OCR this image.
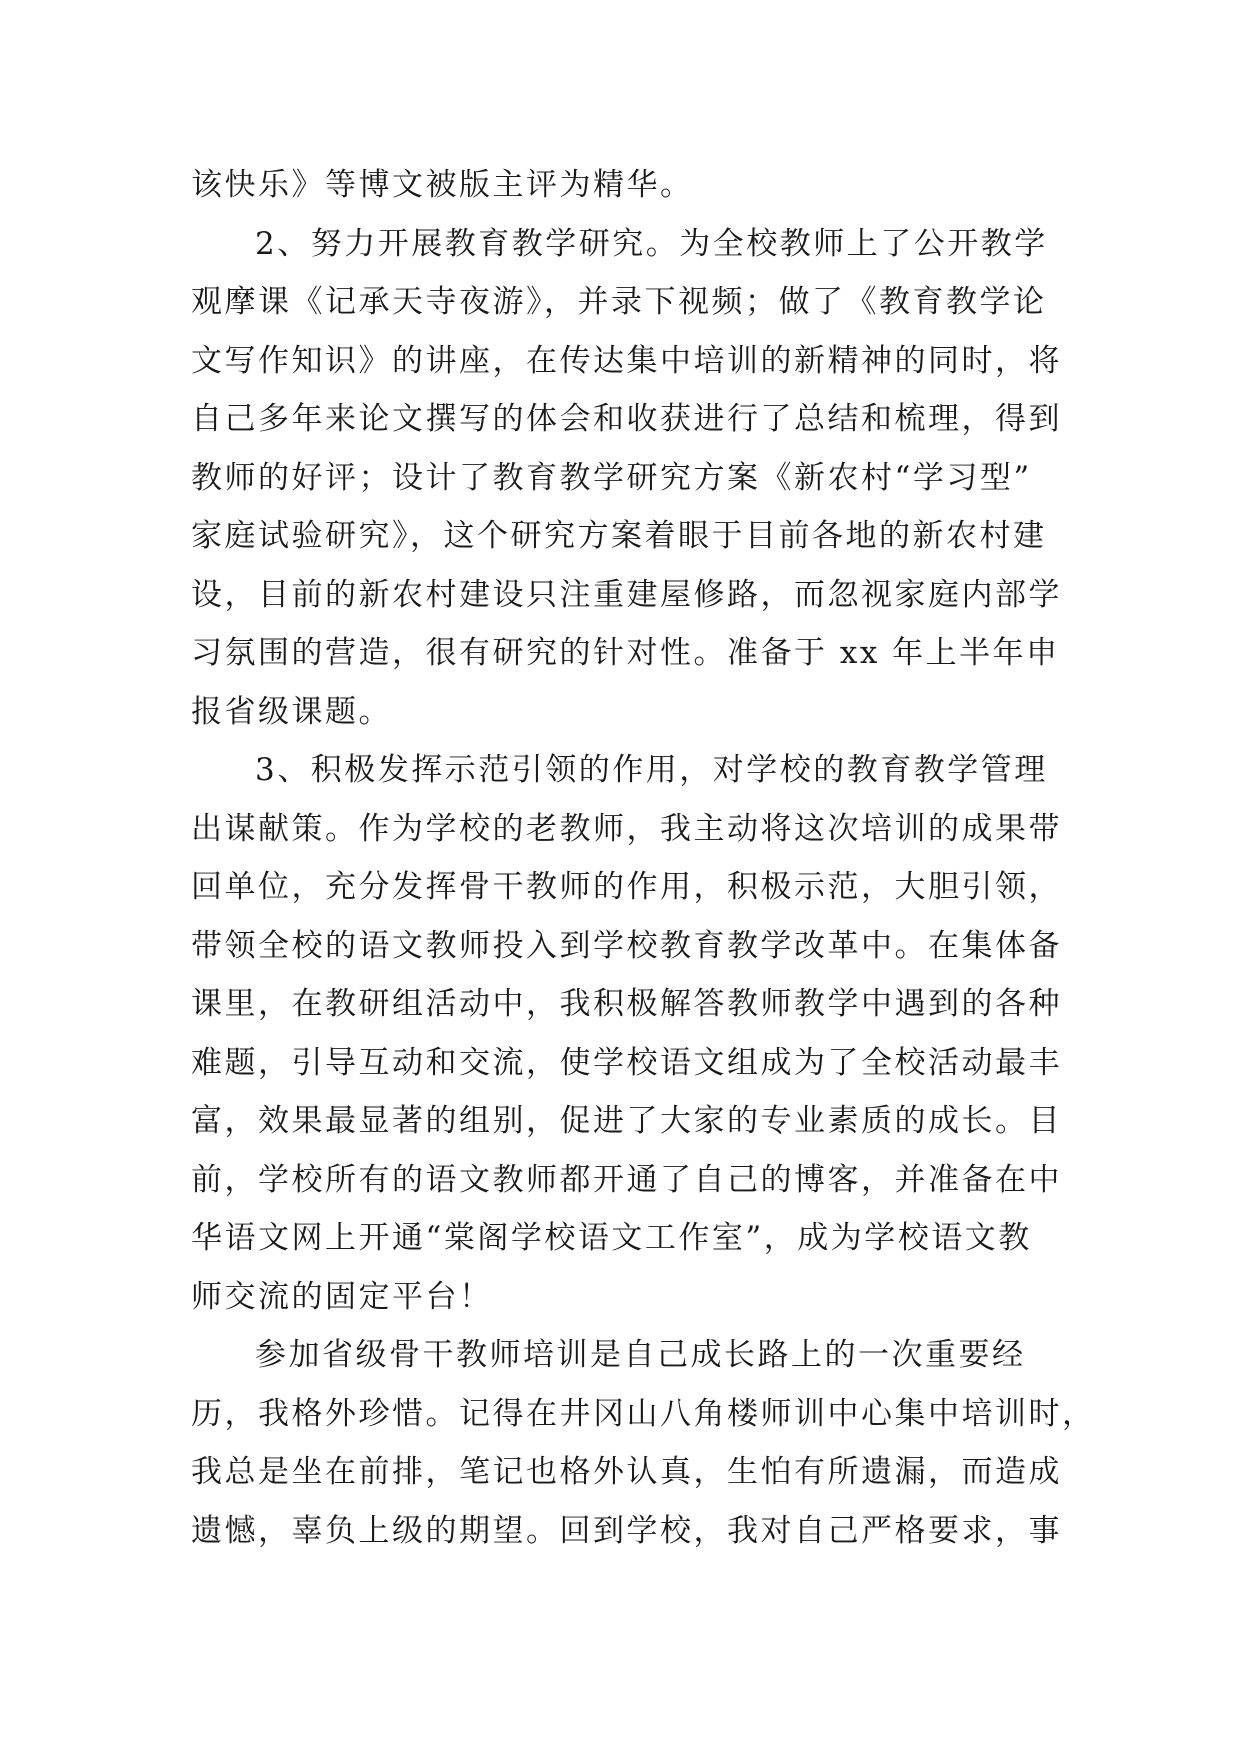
该快乐》等博文被版主评为精华。
2、努力开展教育教学研究。为全校教师上了公开教学
观摩课《记承天寺夜游》，并录下视频；做了《教育教学论
文写作知识》的讲座，在传达集中培训的新精神的同时，将
自己多年来论文撰写的体会和收获进行了总结和梳理，得到
教师的好评；设计了教育教学研究方案《新农村“学习型”
家庭试验研究》，这个研究方案着眼于目前各地的新农村建
设，目前的新农村建设只注重建屋修路，而忽视家庭内部学
习氛围的营造，很有研究的针对性。准备于 xx 年上半年申
报省级课题。
3、积极发挥示范引领的作用，对学校的教育教学管理
出谋献策。作为学校的老教师，我主动将这次培训的成果带
回单位，充分发挥骨干教师的作用，积极示范，大胆引领，
带领全校的语文教师投入到学校教育教学改革中。在集体备
课里，在教研组活动中，我积极解答教师教学中遇到的各种
难题，引导互动和交流，使学校语文组成为了全校活动最丰
富，效果最显著的组别，促进了大家的专业素质的成长。目
前，学校所有的语文教师都开通了自己的博客，并准备在中
华语文网上开通“棠阁学校语文工作室”，成为学校语文教
师交流的固定平台！
参加省级骨干教师培训是自己成长路上的一次重要经
历，我格外珍惜。记得在井冈山八角楼师训中心集中培训时，
我总是坐在前排，笔记也格外认真，生怕有所遗漏，而造成
遗憾，辜负上级的期望。回到学校，我对自己严格要求，事
